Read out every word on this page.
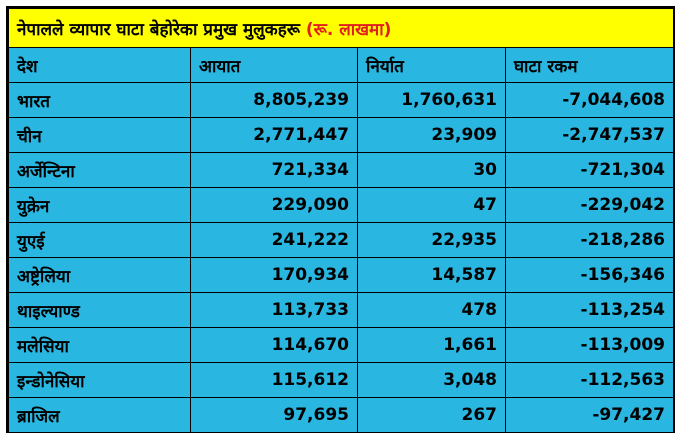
नेपालले व्यापार घाटा बेहोरेका प्रमुख मुलुकहरू (रू. लाखमा)			
देश	आयात	निर्यात	घाटा रकम
भारत	8,805,239	1,760,631	-7,044,608
चीन	2,771,447	23,909	-2,747,537
अर्जेन्टिना	721,334	30	-721,304
युक्रेन	229,090	47	-229,042
युएई	241,222	22,935	-218,286
अष्ट्रेलिया	170,934	14,587	-156,346
थाइल्याण्ड	113,733	478	-113,254
मलेसिया	114,670	1,661	-113,009
इन्डोनेसिया	115,612	3,048	-112,563
ब्राजिल	97,695	267	-97,427
